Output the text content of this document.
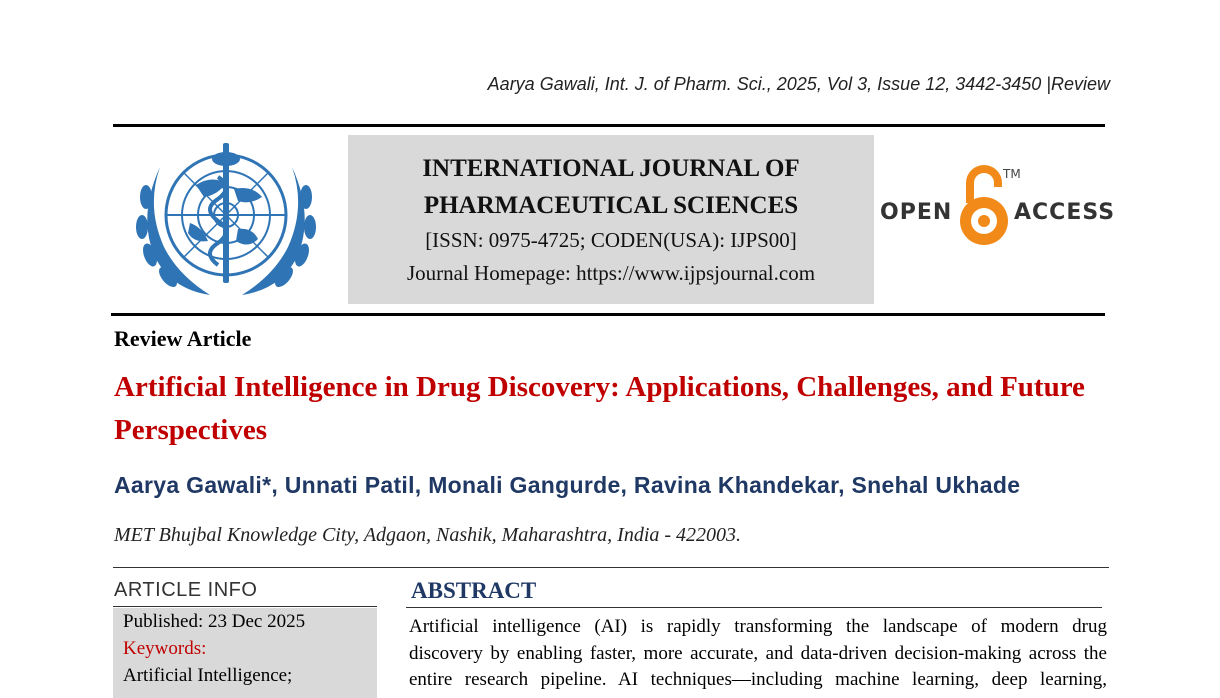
Aarya Gawali, Int. J. of Pharm. Sci., 2025, Vol 3, Issue 12, 3442-3450 |Review
INTERNATIONAL JOURNAL OF
PHARMACEUTICAL SCIENCES
[ISSN: 0975-4725; CODEN(USA): IJPS00]
Journal Homepage: https://www.ijpsjournal.com
OPEN
TM
ACCESS
Review Article
Artificial Intelligence in Drug Discovery: Applications, Challenges, and Future Perspectives
Aarya Gawali*, Unnati Patil, Monali Gangurde, Ravina Khandekar, Snehal Ukhade
MET Bhujbal Knowledge City, Adgaon, Nashik, Maharashtra, India - 422003.
ARTICLE INFO
Published: 23 Dec 2025
Keywords:
Artificial Intelligence;
ABSTRACT
Artificial intelligence (AI) is rapidly transforming the landscape of modern drug
discovery by enabling faster, more accurate, and data-driven decision-making across the
entire research pipeline. AI techniques—including machine learning, deep learning,
